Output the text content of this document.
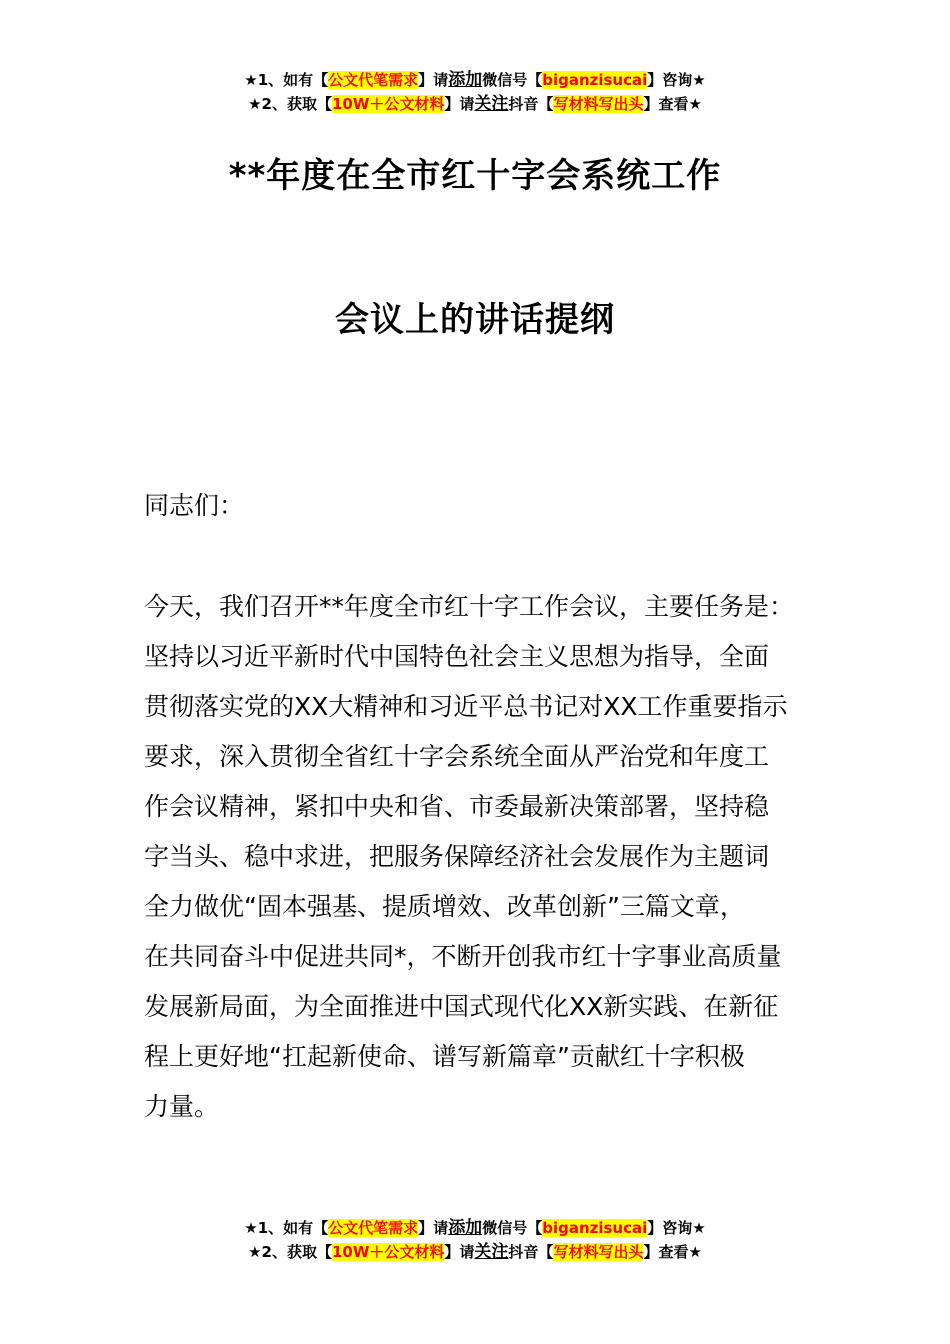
★1、如有【公文代笔需求】请添加微信号【biganzisucai】咨询★
★2、获取【10W＋公文材料】请关注抖音【写材料写出头】查看★
**年度在全市红十字会系统工作
会议上的讲话提纲
同志们：
今天，我们召开**年度全市红十字工作会议，主要任务是：
坚持以习近平新时代中国特色社会主义思想为指导，全面
贯彻落实党的XX大精神和习近平总书记对XX工作重要指示
要求，深入贯彻全省红十字会系统全面从严治党和年度工
作会议精神，紧扣中央和省、市委最新决策部署，坚持稳
字当头、稳中求进，把服务保障经济社会发展作为主题词
全力做优“固本强基、提质增效、改革创新”三篇文章，
在共同奋斗中促进共同*，不断开创我市红十字事业高质量
发展新局面，为全面推进中国式现代化XX新实践、在新征
程上更好地“扛起新使命、谱写新篇章”贡献红十字积极
力量。
★1、如有【公文代笔需求】请添加微信号【biganzisucai】咨询★
★2、获取【10W＋公文材料】请关注抖音【写材料写出头】查看★
